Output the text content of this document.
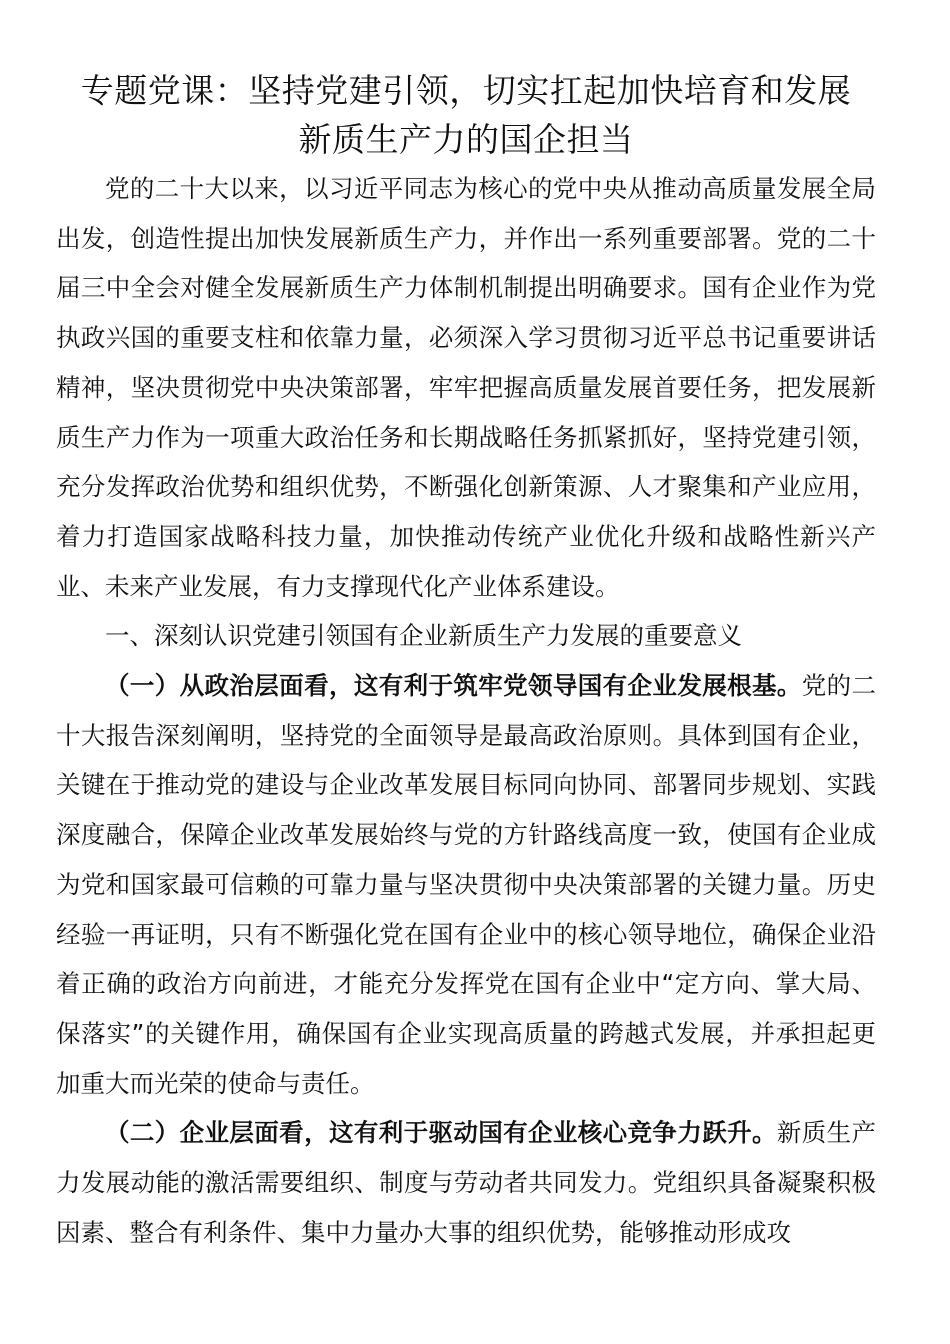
专题党课：坚持党建引领，切实扛起加快培育和发展
新质生产力的国企担当

党的二十大以来，以习近平同志为核心的党中央从推动高质量发展全局出发，创造性提出加快发展新质生产力，并作出一系列重要部署。党的二十届三中全会对健全发展新质生产力体制机制提出明确要求。国有企业作为党执政兴国的重要支柱和依靠力量，必须深入学习贯彻习近平总书记重要讲话精神，坚决贯彻党中央决策部署，牢牢把握高质量发展首要任务，把发展新质生产力作为一项重大政治任务和长期战略任务抓紧抓好，坚持党建引领，充分发挥政治优势和组织优势，不断强化创新策源、人才聚集和产业应用，着力打造国家战略科技力量，加快推动传统产业优化升级和战略性新兴产业、未来产业发展，有力支撑现代化产业体系建设。

一、深刻认识党建引领国有企业新质生产力发展的重要意义

（一）从政治层面看，这有利于筑牢党领导国有企业发展根基。党的二十大报告深刻阐明，坚持党的全面领导是最高政治原则。具体到国有企业，关键在于推动党的建设与企业改革发展目标同向协同、部署同步规划、实践深度融合，保障企业改革发展始终与党的方针路线高度一致，使国有企业成为党和国家最可信赖的可靠力量与坚决贯彻中央决策部署的关键力量。历史经验一再证明，只有不断强化党在国有企业中的核心领导地位，确保企业沿着正确的政治方向前进，才能充分发挥党在国有企业中“定方向、掌大局、保落实”的关键作用，确保国有企业实现高质量的跨越式发展，并承担起更加重大而光荣的使命与责任。

（二）企业层面看，这有利于驱动国有企业核心竞争力跃升。新质生产力发展动能的激活需要组织、制度与劳动者共同发力。党组织具备凝聚积极因素、整合有利条件、集中力量办大事的组织优势，能够推动形成攻
